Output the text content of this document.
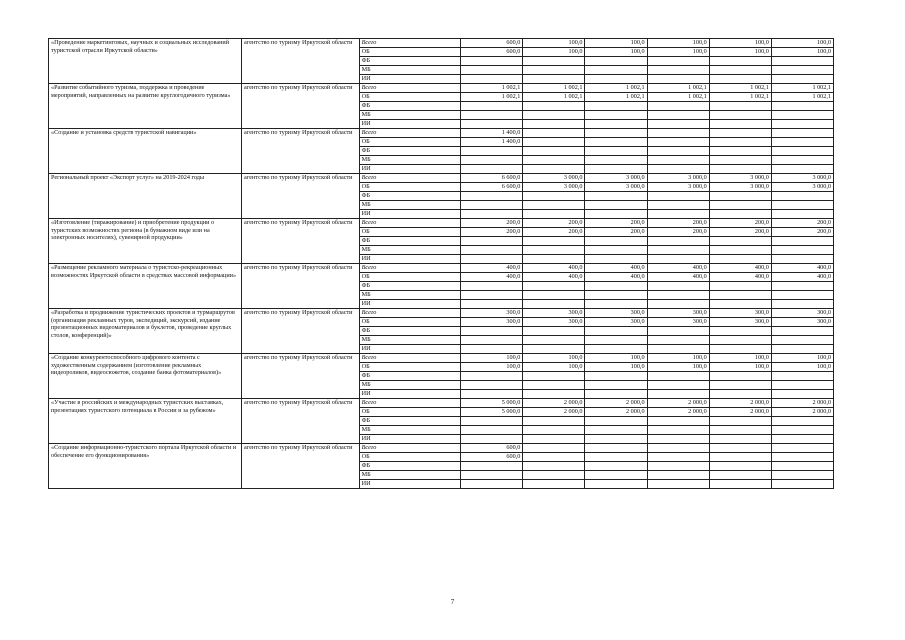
«Проведение маркетинговых, научных и социальных исследований туристской отрасли Иркутской области»	агентство по туризму Иркутской области	Всего	600,0	100,0	100,0	100,0	100,0	100,0
		ОБ	600,0	100,0	100,0	100,0	100,0	100,0
		ФБ						
		МБ						
		ИИ						
«Развитие событийного туризма, поддержка и проведение мероприятий, направленных на развитие круглогодичного туризма»	агентство по туризму Иркутской области	Всего	1 002,1	1 002,1	1 002,1	1 002,1	1 002,1	1 002,1
		ОБ	1 002,1	1 002,1	1 002,1	1 002,1	1 002,1	1 002,1
		ФБ						
		МБ						
		ИИ						
«Создание и установка средств туристской навигации»	агентство по туризму Иркутской области	Всего	1 400,0					
		ОБ	1 400,0					
		ФБ						
		МБ						
		ИИ						
Региональный проект «Экспорт услуг» на 2019-2024 годы	агентство по туризму Иркутской области	Всего	6 600,0	3 000,0	3 000,0	3 000,0	3 000,0	3 000,0
		ОБ	6 600,0	3 000,0	3 000,0	3 000,0	3 000,0	3 000,0
		ФБ						
		МБ						
		ИИ						
«Изготовление (тиражирование) и приобретение продукции о туристских возможностях региона (в бумажном виде или на электронных носителях), сувенирной продукции»	агентство по туризму Иркутской области	Всего	200,0	200,0	200,0	200,0	200,0	200,0
		ОБ	200,0	200,0	200,0	200,0	200,0	200,0
		ФБ						
		МБ						
		ИИ						
«Размещение рекламного материала о туристско-рекреационных возможностях Иркутской области в средствах массовой информации»	агентство по туризму Иркутской области	Всего	400,0	400,0	400,0	400,0	400,0	400,0
		ОБ	400,0	400,0	400,0	400,0	400,0	400,0
		ФБ						
		МБ						
		ИИ						
«Разработка и продвижение туристических проектов и турмаршрутов (организация рекламных туров, экспедиций, экскурсий, издание презентационных видеоматериалов и буклетов, проведение круглых столов, конференций)»	агентство по туризму Иркутской области	Всего	300,0	300,0	300,0	300,0	300,0	300,0
		ОБ	300,0	300,0	300,0	300,0	300,0	300,0
		ФБ						
		МБ						
		ИИ						
«Создание конкурентоспособного цифрового контента с художественным содержанием (изготовление рекламных видеороликов, видеосюжетов, создание банка фотоматериалов)»	агентство по туризму Иркутской области	Всего	100,0	100,0	100,0	100,0	100,0	100,0
		ОБ	100,0	100,0	100,0	100,0	100,0	100,0
		ФБ						
		МБ						
		ИИ						
«Участие в российских и международных туристских выставках, презентациях туристского потенциала в России и за рубежом»	агентство по туризму Иркутской области	Всего	5 000,0	2 000,0	2 000,0	2 000,0	2 000,0	2 000,0
		ОБ	5 000,0	2 000,0	2 000,0	2 000,0	2 000,0	2 000,0
		ФБ						
		МБ						
		ИИ						
«Создание информационно-туристского портала Иркутской области и обеспечение его функционирования»	агентство по туризму Иркутской области	Всего	600,0					
		ОБ	600,0					
		ФБ						
		МБ						
		ИИ						
7
